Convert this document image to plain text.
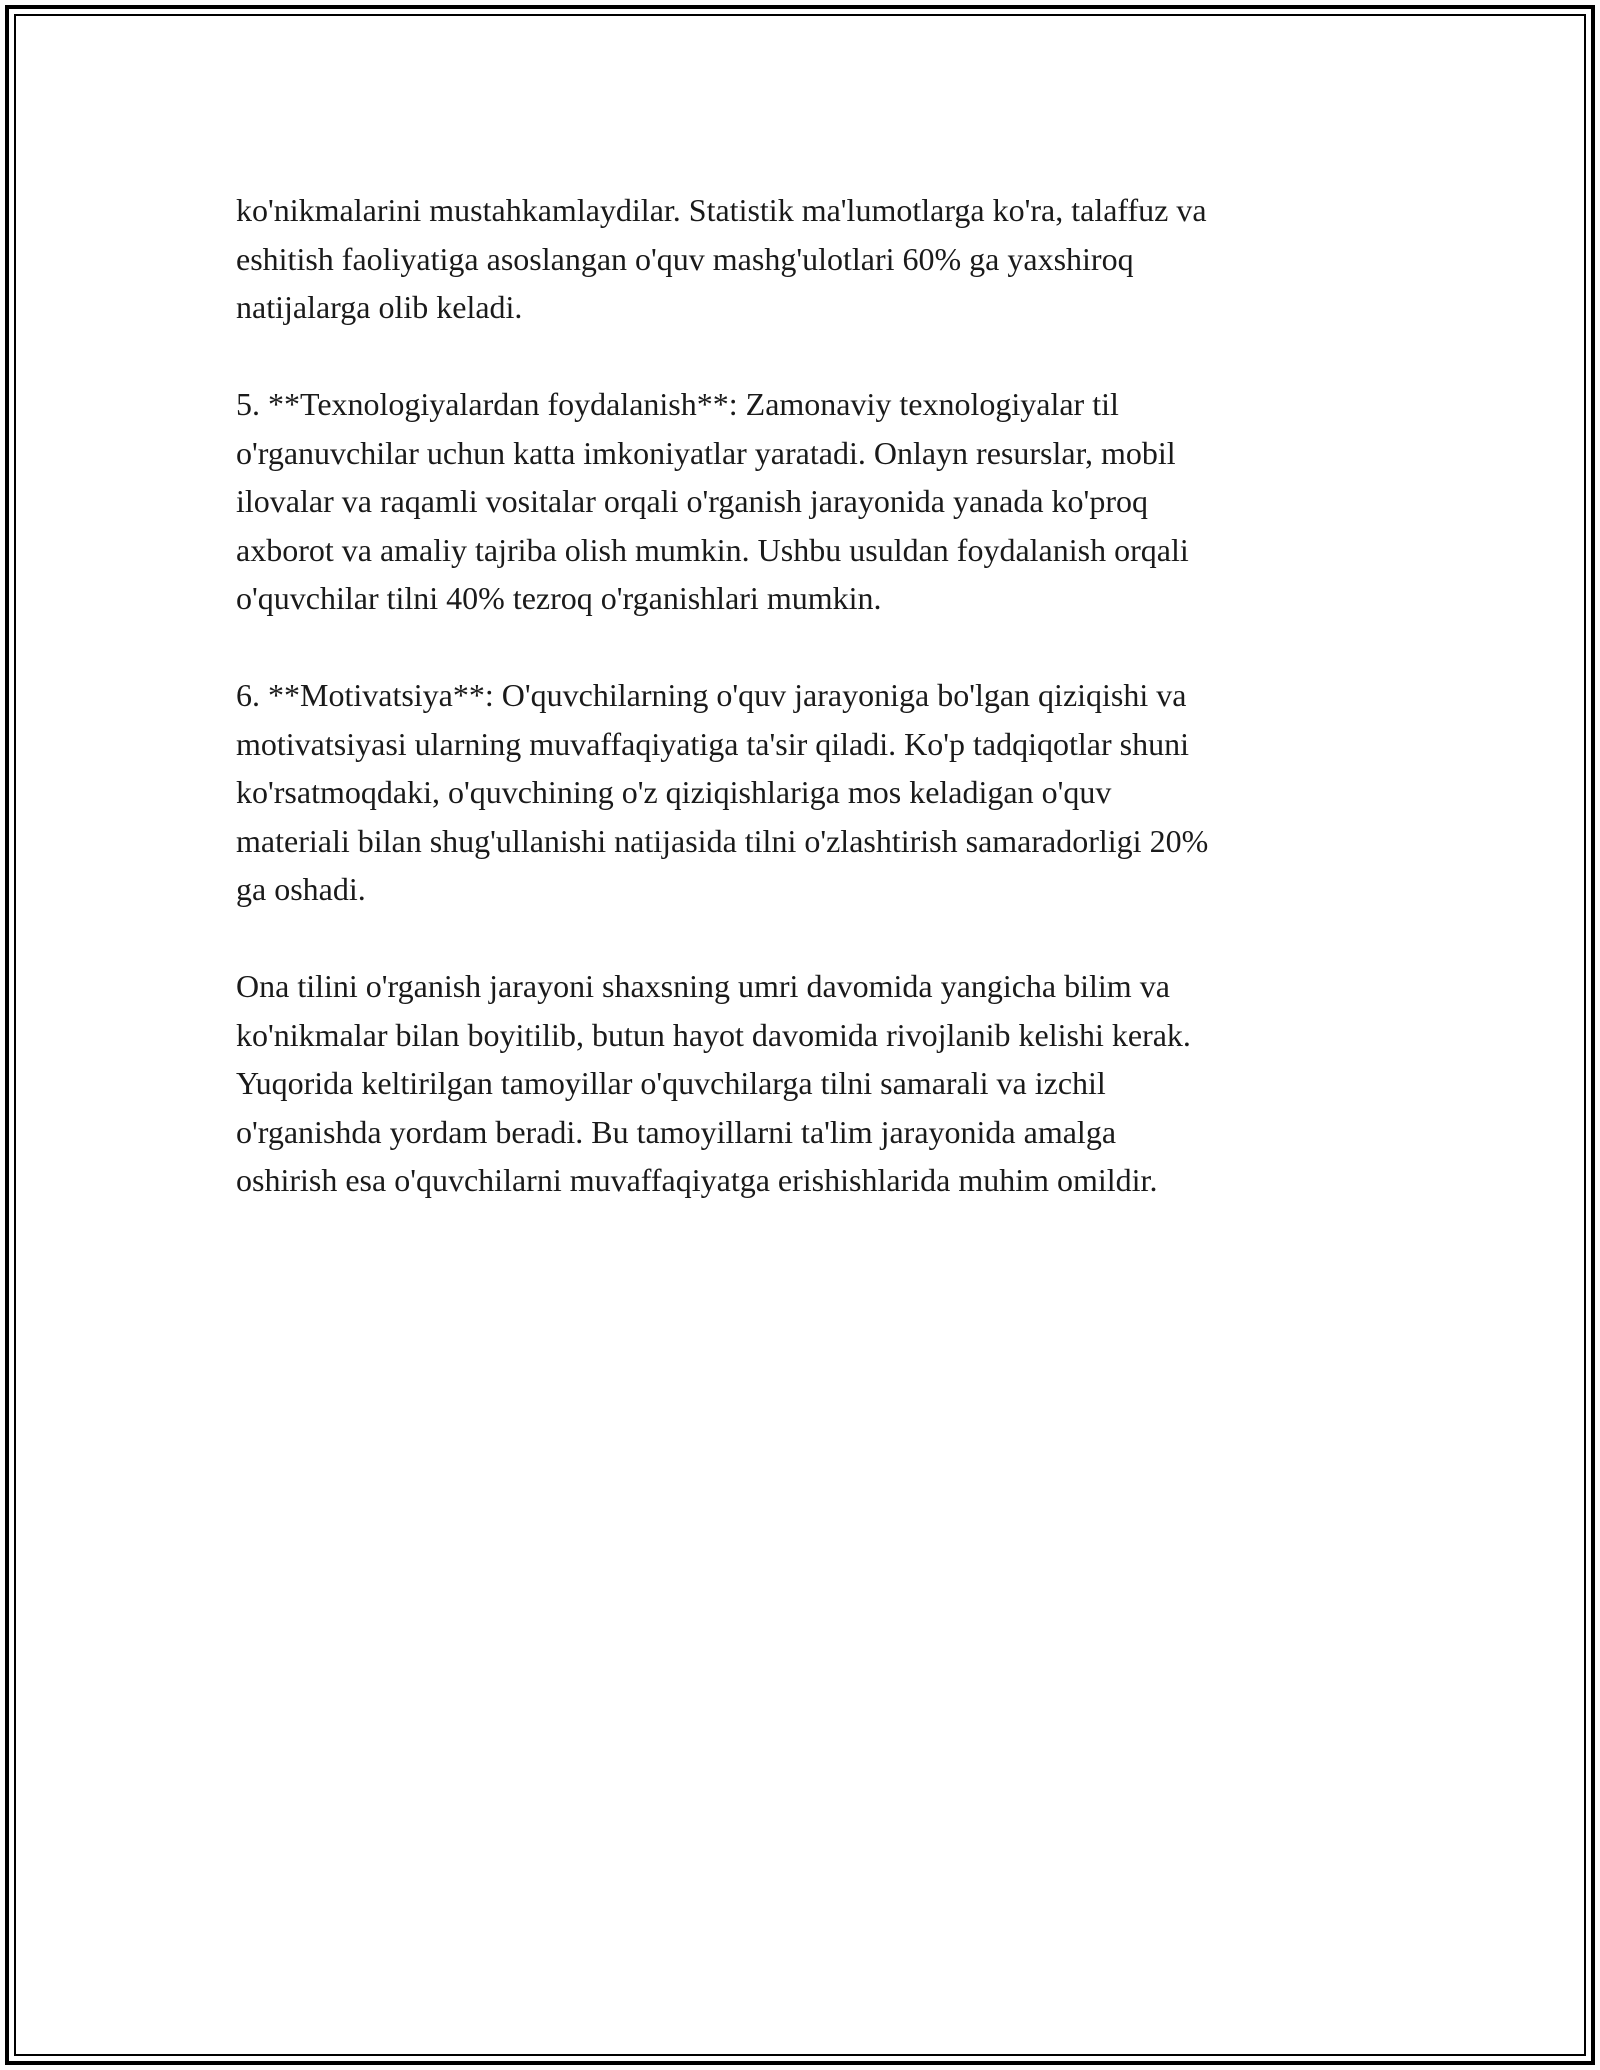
ko'nikmalarini mustahkamlaydilar. Statistik ma'lumotlarga ko'ra, talaffuz va
eshitish faoliyatiga asoslangan o'quv mashg'ulotlari 60% ga yaxshiroq
natijalarga olib keladi.

5. **Texnologiyalardan foydalanish**: Zamonaviy texnologiyalar til
o'rganuvchilar uchun katta imkoniyatlar yaratadi. Onlayn resurslar, mobil
ilovalar va raqamli vositalar orqali o'rganish jarayonida yanada ko'proq
axborot va amaliy tajriba olish mumkin. Ushbu usuldan foydalanish orqali
o'quvchilar tilni 40% tezroq o'rganishlari mumkin.

6. **Motivatsiya**: O'quvchilarning o'quv jarayoniga bo'lgan qiziqishi va
motivatsiyasi ularning muvaffaqiyatiga ta'sir qiladi. Ko'p tadqiqotlar shuni
ko'rsatmoqdaki, o'quvchining o'z qiziqishlariga mos keladigan o'quv
materiali bilan shug'ullanishi natijasida tilni o'zlashtirish samaradorligi 20%
ga oshadi.

Ona tilini o'rganish jarayoni shaxsning umri davomida yangicha bilim va
ko'nikmalar bilan boyitilib, butun hayot davomida rivojlanib kelishi kerak.
Yuqorida keltirilgan tamoyillar o'quvchilarga tilni samarali va izchil
o'rganishda yordam beradi. Bu tamoyillarni ta'lim jarayonida amalga
oshirish esa o'quvchilarni muvaffaqiyatga erishishlarida muhim omildir.
